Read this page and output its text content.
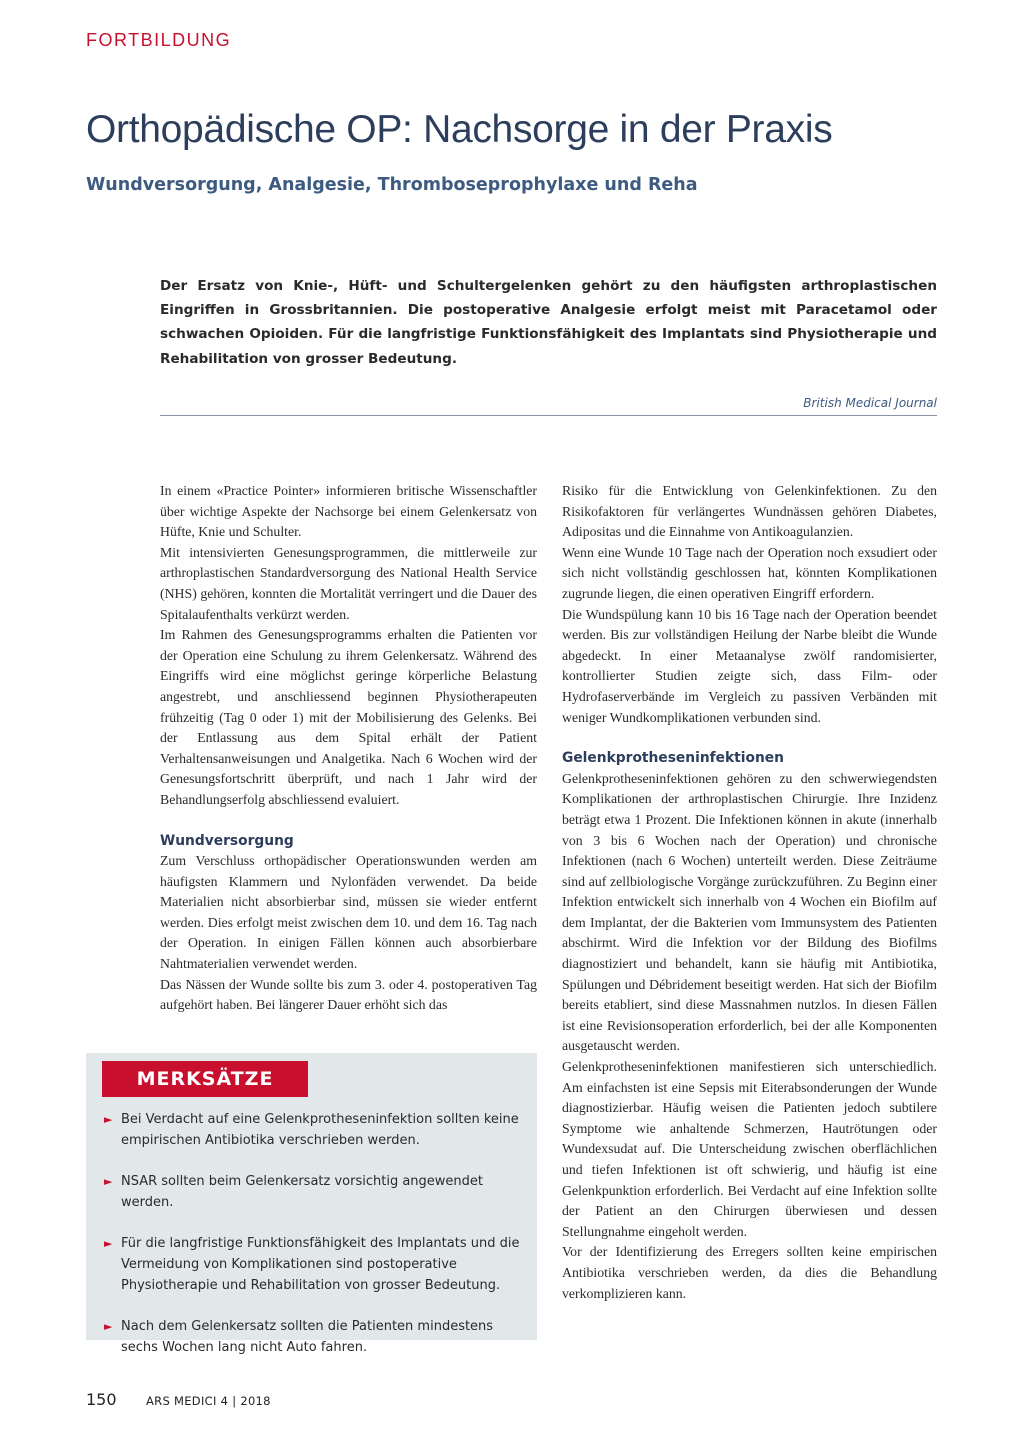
FORTBILDUNG
Orthopädische OP: Nachsorge in der Praxis
Wundversorgung, Analgesie, Thromboseprophylaxe und Reha

Der Ersatz von Knie-, Hüft- und Schultergelenken gehört zu den häufigsten arthroplastischen Eingriffen in Grossbritannien. Die postoperative Analgesie erfolgt meist mit Paracetamol oder schwachen Opioiden. Für die langfristige Funktionsfähigkeit des Implantats sind Physiotherapie und Rehabilitation von grosser Bedeutung.

British Medical Journal

In einem «Practice Pointer» informieren britische Wissenschaftler über wichtige Aspekte der Nachsorge bei einem Gelenkersatz von Hüfte, Knie und Schulter.

Mit intensivierten Genesungsprogrammen, die mittlerweile zur arthroplastischen Standardversorgung des National Health Service (NHS) gehören, konnten die Mortalität verringert und die Dauer des Spitalaufenthalts verkürzt werden.

Im Rahmen des Genesungsprogramms erhalten die Patienten vor der Operation eine Schulung zu ihrem Gelenkersatz. Während des Eingriffs wird eine möglichst geringe körperliche Belastung angestrebt, und anschliessend beginnen Physiotherapeuten frühzeitig (Tag 0 oder 1) mit der Mobilisierung des Gelenks. Bei der Entlassung aus dem Spital erhält der Patient Verhaltensanweisungen und Analgetika. Nach 6 Wochen wird der Genesungsfortschritt überprüft, und nach 1 Jahr wird der Behandlungserfolg abschliessend evaluiert.

Wundversorgung

Zum Verschluss orthopädischer Operationswunden werden am häufigsten Klammern und Nylonfäden verwendet. Da beide Materialien nicht absorbierbar sind, müssen sie wieder entfernt werden. Dies erfolgt meist zwischen dem 10. und dem 16. Tag nach der Operation. In einigen Fällen können auch absorbierbare Nahtmaterialien verwendet werden.

Das Nässen der Wunde sollte bis zum 3. oder 4. postoperativen Tag aufgehört haben. Bei längerer Dauer erhöht sich das

Risiko für die Entwicklung von Gelenkinfektionen. Zu den Risikofaktoren für verlängertes Wundnässen gehören Diabetes, Adipositas und die Einnahme von Antikoagulanzien.

Wenn eine Wunde 10 Tage nach der Operation noch exsudiert oder sich nicht vollständig geschlossen hat, könnten Komplikationen zugrunde liegen, die einen operativen Eingriff erfordern.

Die Wundspülung kann 10 bis 16 Tage nach der Operation beendet werden. Bis zur vollständigen Heilung der Narbe bleibt die Wunde abgedeckt. In einer Metaanalyse zwölf randomisierter, kontrollierter Studien zeigte sich, dass Film- oder Hydrofaserverbände im Vergleich zu passiven Verbänden mit weniger Wundkomplikationen verbunden sind.

Gelenkprotheseninfektionen

Gelenkprotheseninfektionen gehören zu den schwerwiegendsten Komplikationen der arthroplastischen Chirurgie. Ihre Inzidenz beträgt etwa 1 Prozent. Die Infektionen können in akute (innerhalb von 3 bis 6 Wochen nach der Operation) und chronische Infektionen (nach 6 Wochen) unterteilt werden. Diese Zeiträume sind auf zellbiologische Vorgänge zurückzuführen. Zu Beginn einer Infektion entwickelt sich innerhalb von 4 Wochen ein Biofilm auf dem Implantat, der die Bakterien vom Immunsystem des Patienten abschirmt. Wird die Infektion vor der Bildung des Biofilms diagnostiziert und behandelt, kann sie häufig mit Antibiotika, Spülungen und Débridement beseitigt werden. Hat sich der Biofilm bereits etabliert, sind diese Massnahmen nutzlos. In diesen Fällen ist eine Revisionsoperation erforderlich, bei der alle Komponenten ausgetauscht werden.

Gelenkprotheseninfektionen manifestieren sich unterschiedlich. Am einfachsten ist eine Sepsis mit Eiterabsonderungen der Wunde diagnostizierbar. Häufig weisen die Patienten jedoch subtilere Symptome wie anhaltende Schmerzen, Hautrötungen oder Wundexsudat auf. Die Unterscheidung zwischen oberflächlichen und tiefen Infektionen ist oft schwierig, und häufig ist eine Gelenkpunktion erforderlich. Bei Verdacht auf eine Infektion sollte der Patient an den Chirurgen überwiesen und dessen Stellungnahme eingeholt werden.

Vor der Identifizierung des Erregers sollten keine empirischen Antibiotika verschrieben werden, da dies die Behandlung verkomplizieren kann.

MERKSÄTZE
► Bei Verdacht auf eine Gelenkprotheseninfektion sollten keine empirischen Antibiotika verschrieben werden.
► NSAR sollten beim Gelenkersatz vorsichtig angewendet werden.
► Für die langfristige Funktionsfähigkeit des Implantats und die Vermeidung von Komplikationen sind postoperative Physiotherapie und Rehabilitation von grosser Bedeutung.
► Nach dem Gelenkersatz sollten die Patienten mindestens sechs Wochen lang nicht Auto fahren.
150	ARS MEDICI 4 | 2018
